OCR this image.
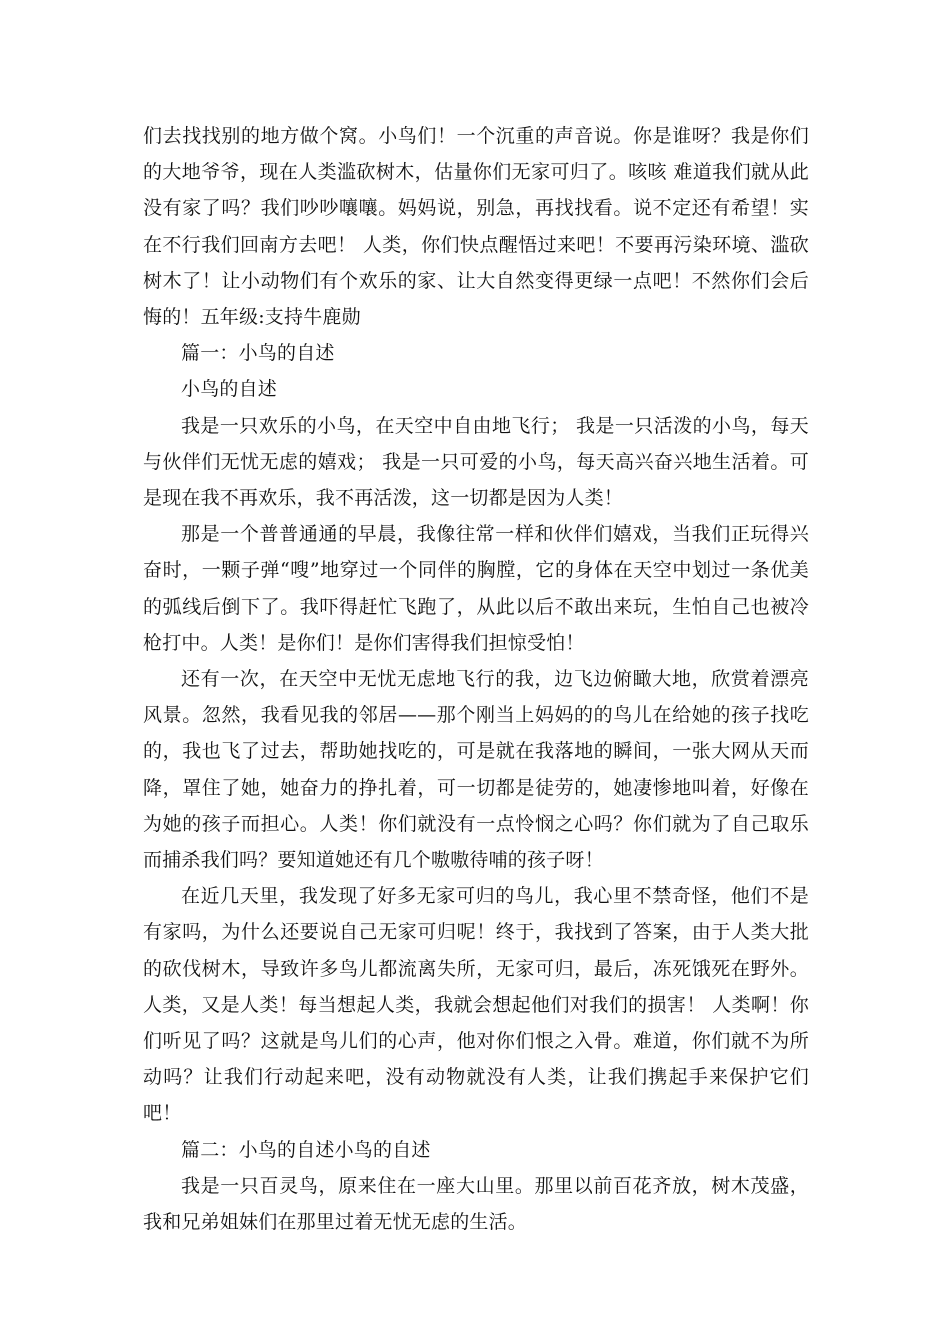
们去找找别的地方做个窝。小鸟们！一个沉重的声音说。你是谁呀？我是你们的大地爷爷，现在人类滥砍树木，估量你们无家可归了。咳咳 难道我们就从此没有家了吗？我们吵吵嚷嚷。妈妈说，别急，再找找看。说不定还有希望！实在不行我们回南方去吧！ 人类，你们快点醒悟过来吧！不要再污染环境、滥砍树木了！让小动物们有个欢乐的家、让大自然变得更绿一点吧！不然你们会后悔的！五年级:支持牛鹿勋

篇一：小鸟的自述

小鸟的自述

我是一只欢乐的小鸟，在天空中自由地飞行； 我是一只活泼的小鸟，每天与伙伴们无忧无虑的嬉戏； 我是一只可爱的小鸟，每天高兴奋兴地生活着。可是现在我不再欢乐，我不再活泼，这一切都是因为人类！

那是一个普普通通的早晨，我像往常一样和伙伴们嬉戏，当我们正玩得兴奋时，一颗子弹“嗖”地穿过一个同伴的胸膛，它的身体在天空中划过一条优美的弧线后倒下了。我吓得赶忙飞跑了，从此以后不敢出来玩，生怕自己也被冷枪打中。人类！是你们！是你们害得我们担惊受怕！

还有一次，在天空中无忧无虑地飞行的我，边飞边俯瞰大地，欣赏着漂亮风景。忽然，我看见我的邻居——那个刚当上妈妈的的鸟儿在给她的孩子找吃的，我也飞了过去，帮助她找吃的，可是就在我落地的瞬间，一张大网从天而降，罩住了她，她奋力的挣扎着，可一切都是徒劳的，她凄惨地叫着，好像在为她的孩子而担心。人类！你们就没有一点怜悯之心吗？你们就为了自己取乐而捕杀我们吗？要知道她还有几个嗷嗷待哺的孩子呀！

在近几天里，我发现了好多无家可归的鸟儿，我心里不禁奇怪，他们不是有家吗，为什么还要说自己无家可归呢！终于，我找到了答案，由于人类大批的砍伐树木，导致许多鸟儿都流离失所，无家可归，最后，冻死饿死在野外。人类，又是人类！每当想起人类，我就会想起他们对我们的损害！ 人类啊！你们听见了吗？这就是鸟儿们的心声，他对你们恨之入骨。难道，你们就不为所动吗？让我们行动起来吧，没有动物就没有人类，让我们携起手来保护它们吧！

篇二：小鸟的自述小鸟的自述

我是一只百灵鸟，原来住在一座大山里。那里以前百花齐放，树木茂盛，我和兄弟姐妹们在那里过着无忧无虑的生活。
